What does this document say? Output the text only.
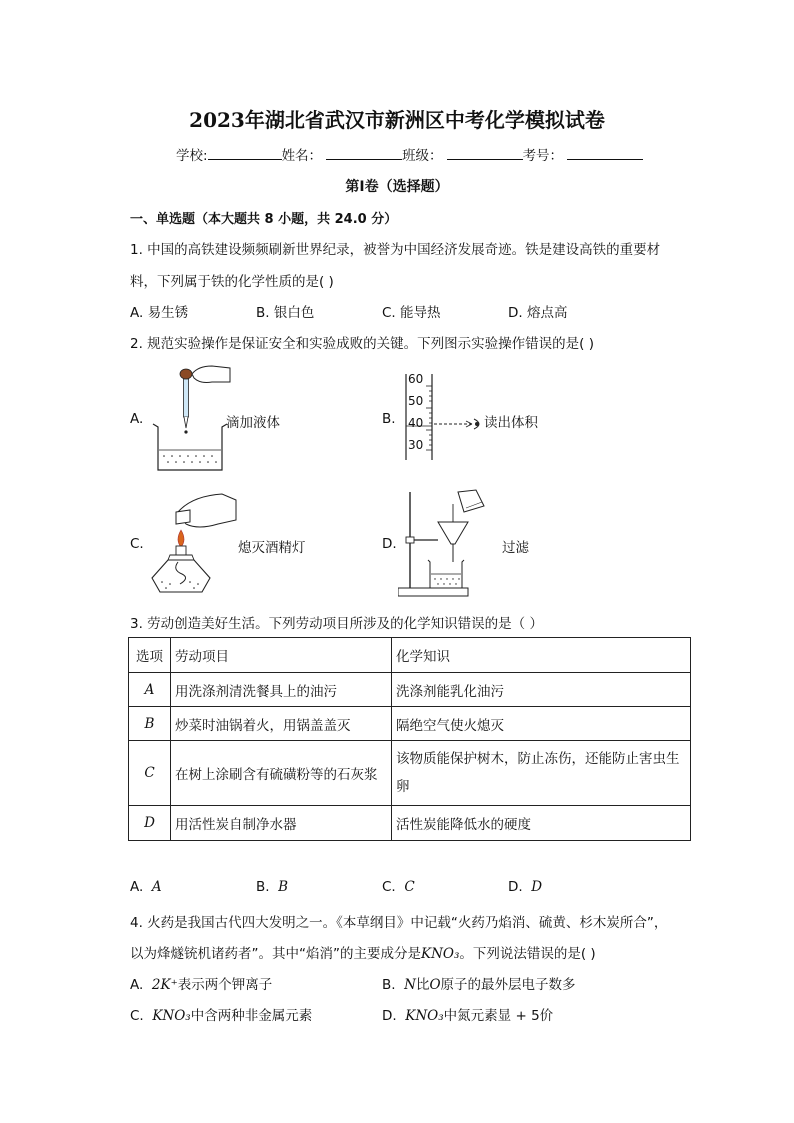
2023年湖北省武汉市新洲区中考化学模拟试卷
学校:	姓名：	班级：	考号：
第Ⅰ卷（选择题）
一、单选题（本大题共 8 小题，共 24.0 分）
1. 中国的高铁建设频频刷新世界纪录，被誉为中国经济发展奇迹。铁是建设高铁的重要材
料，下列属于铁的化学性质的是( )
A. 易生锈	B. 银白色	C. 能导热	D. 熔点高
2. 规范实验操作是保证安全和实验成败的关键。下列图示实验操作错误的是( )
A.	滴加液体	B.
60
50
40
30
读出体积
C.	熄灭酒精灯	D.	过滤
3. 劳动创造美好生活。下列劳动项目所涉及的化学知识错误的是（ ）
选项	劳动项目	化学知识
A	用洗涤剂清洗餐具上的油污	洗涤剂能乳化油污
B	炒菜时油锅着火，用锅盖盖灭	隔绝空气使火熄灭
C	在树上涂刷含有硫磺粉等的石灰浆	该物质能保护树木，防止冻伤，还能防止害虫生卵
D	用活性炭自制净水器	活性炭能降低水的硬度
A. A	B. B	C. C	D. D
4. 火药是我国古代四大发明之一。《本草纲目》中记载“火药乃焰消、硫黄、杉木炭所合”，
以为烽燧铳机诸药者”。其中“焰消”的主要成分是KNO₃。下列说法错误的是( )
A. 2K⁺表示两个钾离子	B. N比O原子的最外层电子数多
C. KNO₃中含两种非金属元素	D. KNO₃中氮元素显 + 5价
